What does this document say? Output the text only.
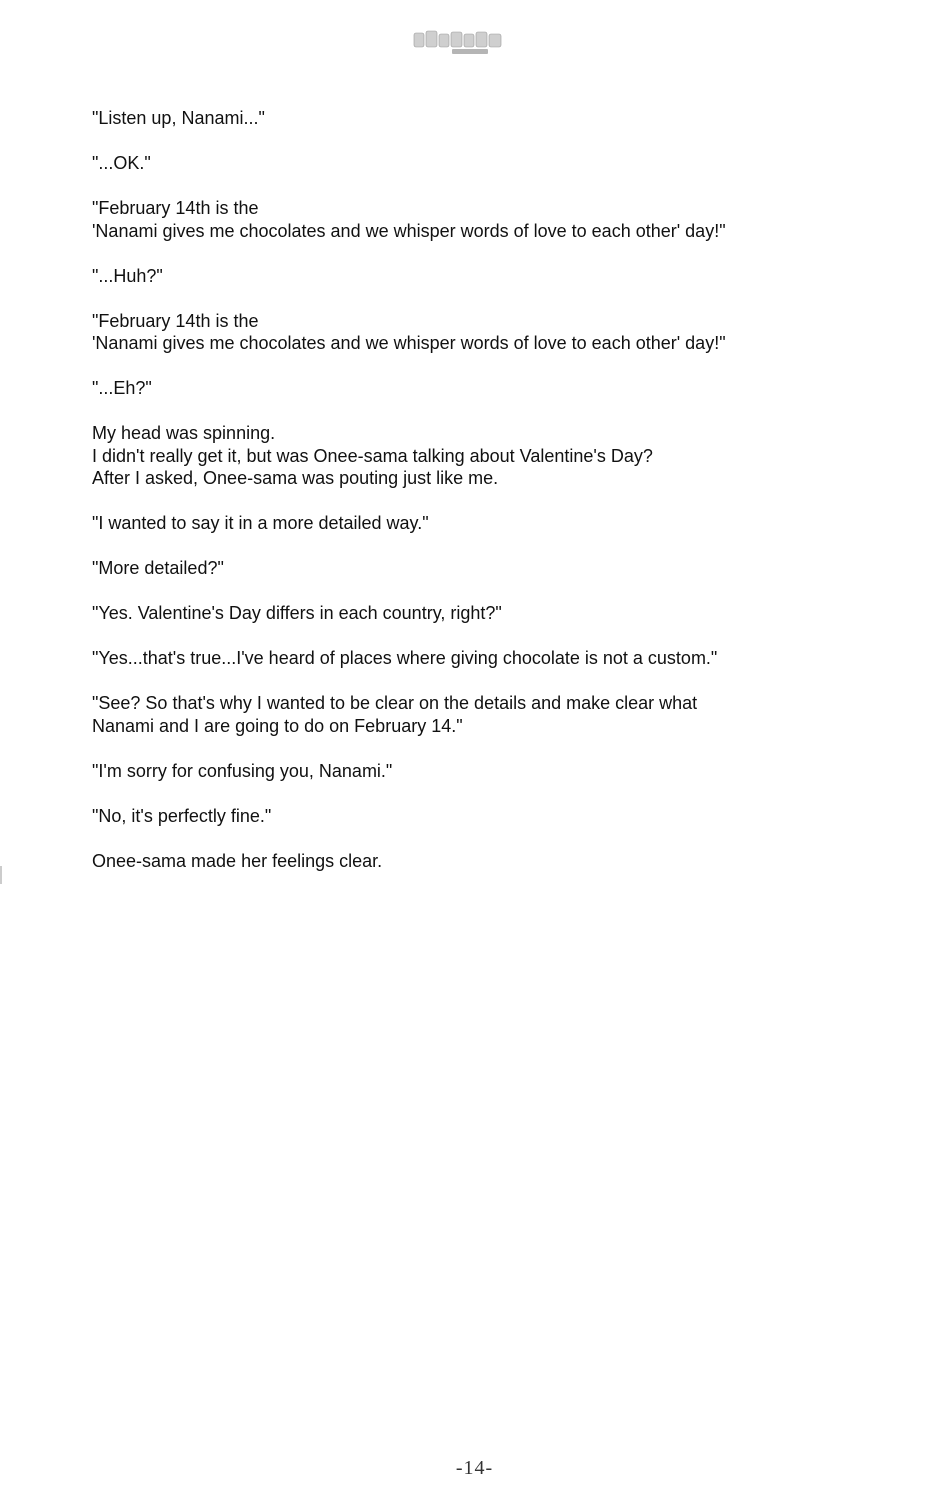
"Listen up, Nanami..."

"...OK."

"February 14th is the
'Nanami gives me chocolates and we whisper words of love to each other' day!"

"...Huh?"

"February 14th is the
'Nanami gives me chocolates and we whisper words of love to each other' day!"

"...Eh?"

My head was spinning.
I didn't really get it, but was Onee-sama talking about Valentine's Day?
After I asked, Onee-sama was pouting just like me.

"I wanted to say it in a more detailed way."

"More detailed?"

"Yes. Valentine's Day differs in each country, right?"

"Yes...that's true...I've heard of places where giving chocolate is not a custom."

"See? So that's why I wanted to be clear on the details and make clear what
Nanami and I are going to do on February 14."

"I'm sorry for confusing you, Nanami."

"No, it's perfectly fine."

Onee-sama made her feelings clear.

-14-
